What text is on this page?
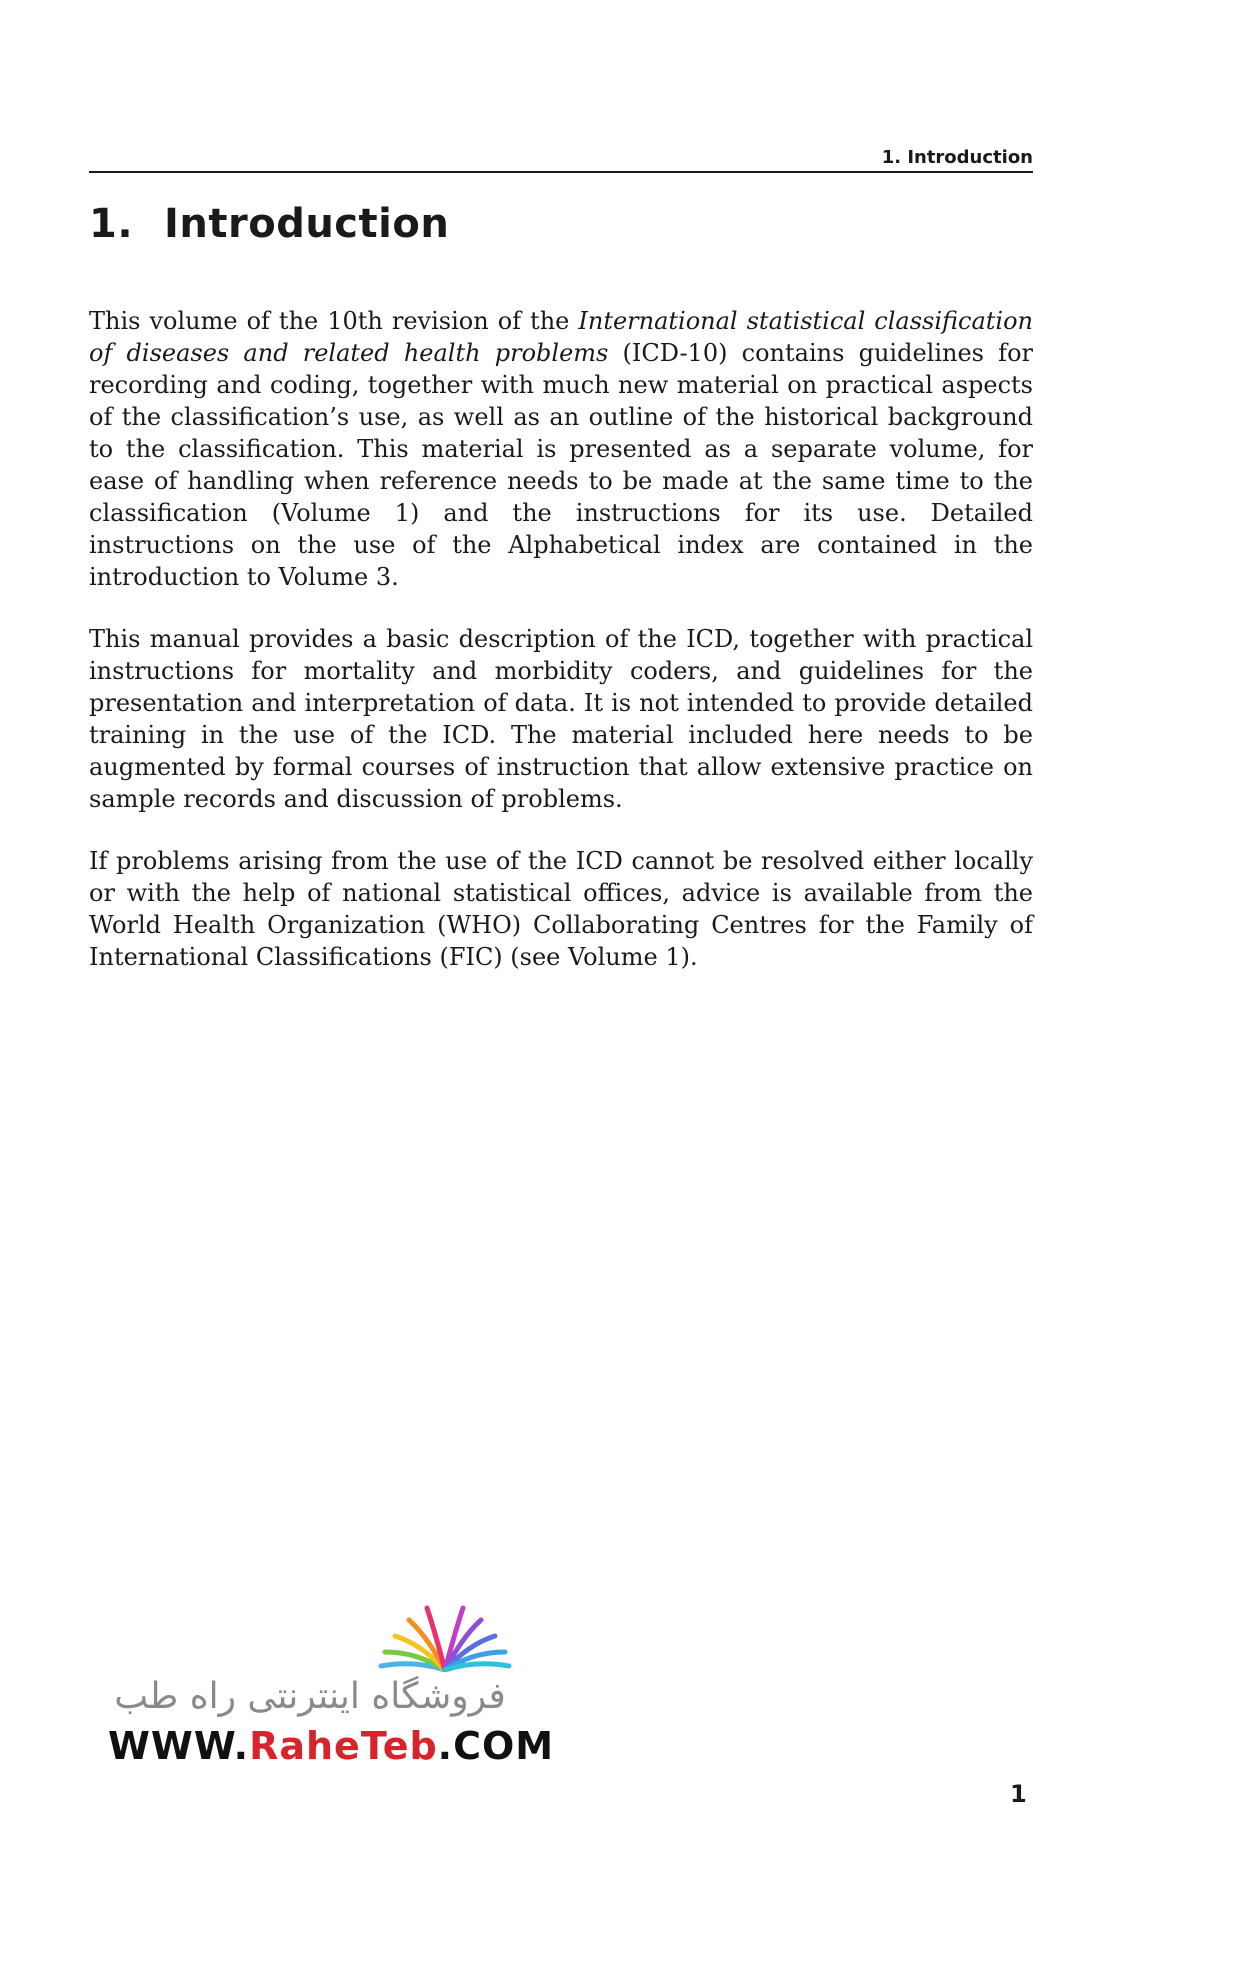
1. Introduction
1. Introduction

This volume of the 10th revision of the International statistical classification of diseases and related health problems (ICD-10) contains guidelines for recording and coding, together with much new material on practical aspects of the classification’s use, as well as an outline of the historical background to the classification. This material is presented as a separate volume, for ease of handling when reference needs to be made at the same time to the classification (Volume 1) and the instructions for its use. Detailed instructions on the use of the Alphabetical index are contained in the introduction to Volume 3.

This manual provides a basic description of the ICD, together with practical instructions for mortality and morbidity coders, and guidelines for the presentation and interpretation of data. It is not intended to provide detailed training in the use of the ICD. The material included here needs to be augmented by formal courses of instruction that allow extensive practice on sample records and discussion of problems.

If problems arising from the use of the ICD cannot be resolved either locally or with the help of national statistical offices, advice is available from the World Health Organization (WHO) Collaborating Centres for the Family of International Classifications (FIC) (see Volume 1).

فروشگاه اینترنتی راه طب
WWW.RaheTeb.COM
1
